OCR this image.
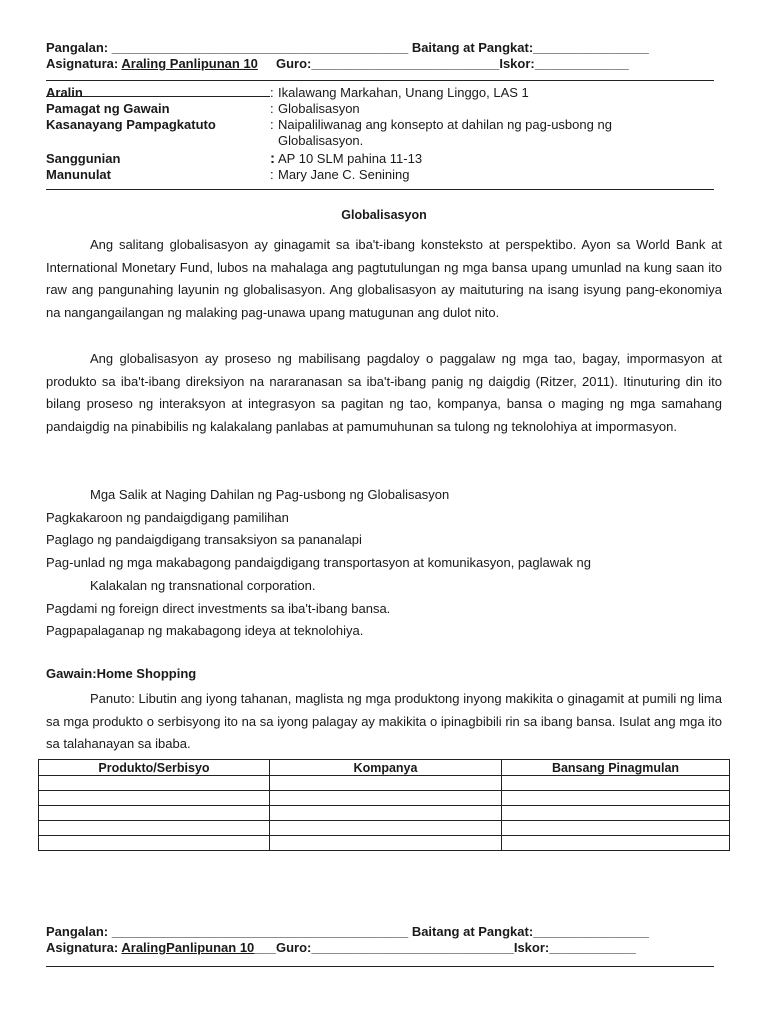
Pangalan: _________________________________________ Baitang at Pangkat:________________
Asignatura: Araling Panlipunan 10 Guro:__________________________Iskor:_____________
Aralin	: Ikalawang Markahan, Unang Linggo, LAS 1
Pamagat ng Gawain	: Globalisasyon
Kasanayang Pampagkatuto	: Naipaliliwanag ang konsepto at dahilan ng pag-usbong ng
Globalisasyon.
Sanggunian	: AP 10 SLM pahina 11-13
Manunulat	: Mary Jane C. Senining
Globalisasyon

Ang salitang globalisasyon ay ginagamit sa iba't-ibang konsteksto at perspektibo. Ayon sa World Bank at International Monetary Fund, lubos na mahalaga ang pagtutulungan ng mga bansa upang umunlad na kung saan ito raw ang pangunahing layunin ng globalisasyon. Ang globalisasyon ay maituturing na isang isyung pang-ekonomiya na nangangailangan ng malaking pag-unawa upang matugunan ang dulot nito.

Ang globalisasyon ay proseso ng mabilisang pagdaloy o paggalaw ng mga tao, bagay, impormasyon at produkto sa iba't-ibang direksiyon na nararanasan sa iba't-ibang panig ng daigdig (Ritzer, 2011). Itinuturing din ito bilang proseso ng interaksyon at integrasyon sa pagitan ng tao, kompanya, bansa o maging ng mga samahang pandaigdig na pinabibilis ng kalakalang panlabas at pamumuhunan sa tulong ng teknolohiya at impormasyon.

Mga Salik at Naging Dahilan ng Pag-usbong ng Globalisasyon
Pagkakaroon ng pandaigdigang pamilihan
Paglago ng pandaigdigang transaksiyon sa pananalapi
Pag-unlad ng mga makabagong pandaigdigang transportasyon at komunikasyon, paglawak ng
Kalakalan ng transnational corporation.
Pagdami ng foreign direct investments sa iba't-ibang bansa.
Pagpapalaganap ng makabagong ideya at teknolohiya.
Gawain:Home Shopping

Panuto: Libutin ang iyong tahanan, maglista ng mga produktong inyong makikita o ginagamit at pumili ng lima sa mga produkto o serbisyong ito na sa iyong palagay ay makikita o ipinagbibili rin sa ibang bansa. Isulat ang mga ito sa talahanayan sa ibaba.

Produkto/Serbisyo	Kompanya	Bansang Pinagmulan

Pangalan: _________________________________________ Baitang at Pangkat:________________
Asignatura: AralingPanlipunan 10___Guro:____________________________Iskor:____________
